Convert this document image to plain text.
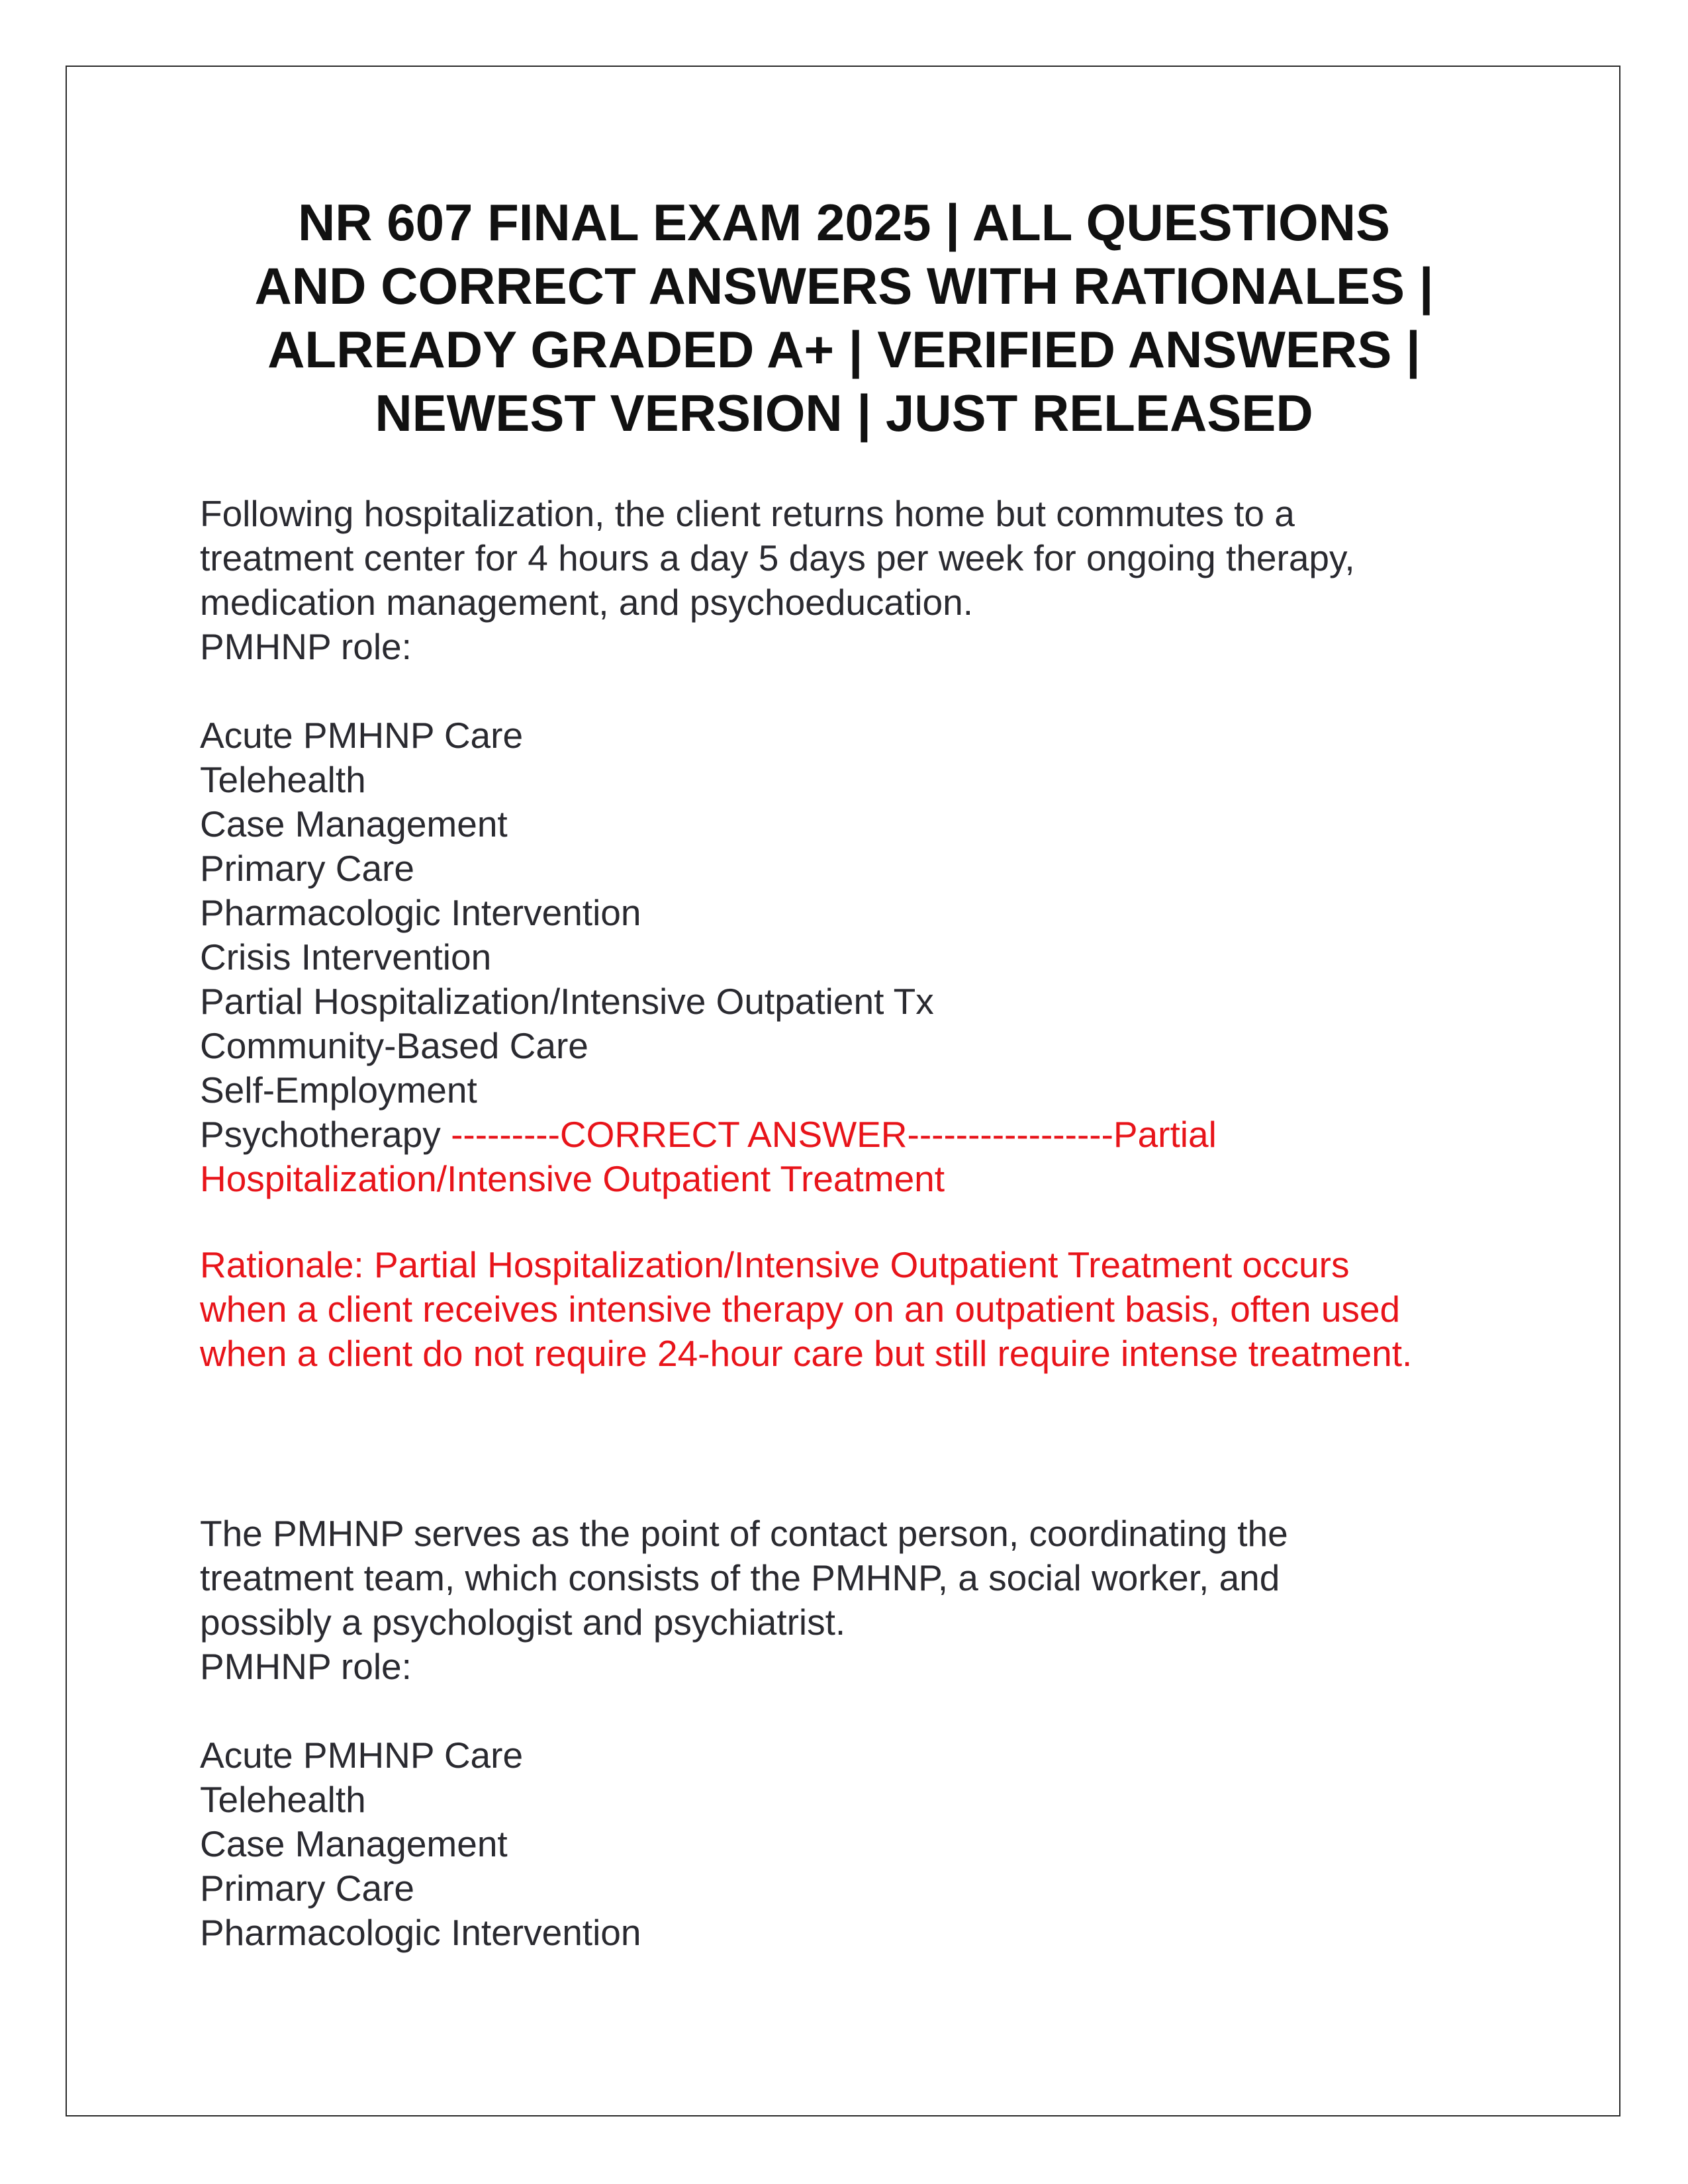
NR 607 FINAL EXAM 2025 | ALL QUESTIONS
AND CORRECT ANSWERS WITH RATIONALES |
ALREADY GRADED A+ | VERIFIED ANSWERS |
NEWEST VERSION | JUST RELEASED
Following hospitalization, the client returns home but commutes to a
treatment center for 4 hours a day 5 days per week for ongoing therapy,
medication management, and psychoeducation.
PMHNP role:
Acute PMHNP Care
Telehealth
Case Management
Primary Care
Pharmacologic Intervention
Crisis Intervention
Partial Hospitalization/Intensive Outpatient Tx
Community-Based Care
Self-Employment
Psychotherapy ---------CORRECT ANSWER-----------------Partial
Hospitalization/Intensive Outpatient Treatment
Rationale: Partial Hospitalization/Intensive Outpatient Treatment occurs
when a client receives intensive therapy on an outpatient basis, often used
when a client do not require 24-hour care but still require intense treatment.
The PMHNP serves as the point of contact person, coordinating the
treatment team, which consists of the PMHNP, a social worker, and
possibly a psychologist and psychiatrist.
PMHNP role:
Acute PMHNP Care
Telehealth
Case Management
Primary Care
Pharmacologic Intervention
